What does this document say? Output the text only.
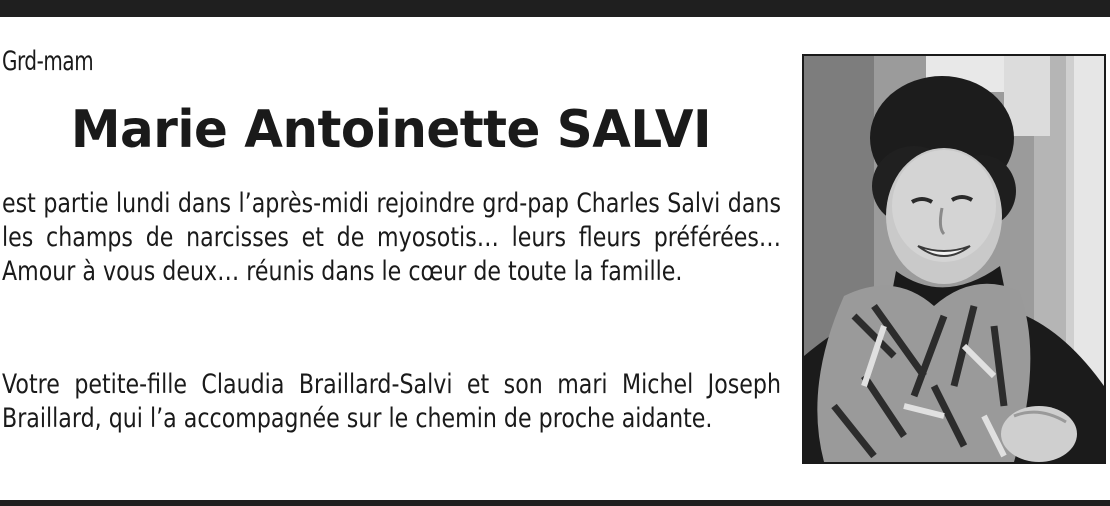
Grd-mam
Marie Antoinette SALVI
est partie lundi dans l’après-midi rejoindre grd-pap Charles Salvi dans les champs de narcisses et de myosotis… leurs fleurs préférées… Amour à vous deux… réunis dans le cœur de toute la famille.
Votre petite-fille Claudia Braillard-Salvi et son mari Michel Joseph Braillard, qui l’a accompagnée sur le chemin de proche aidante.
